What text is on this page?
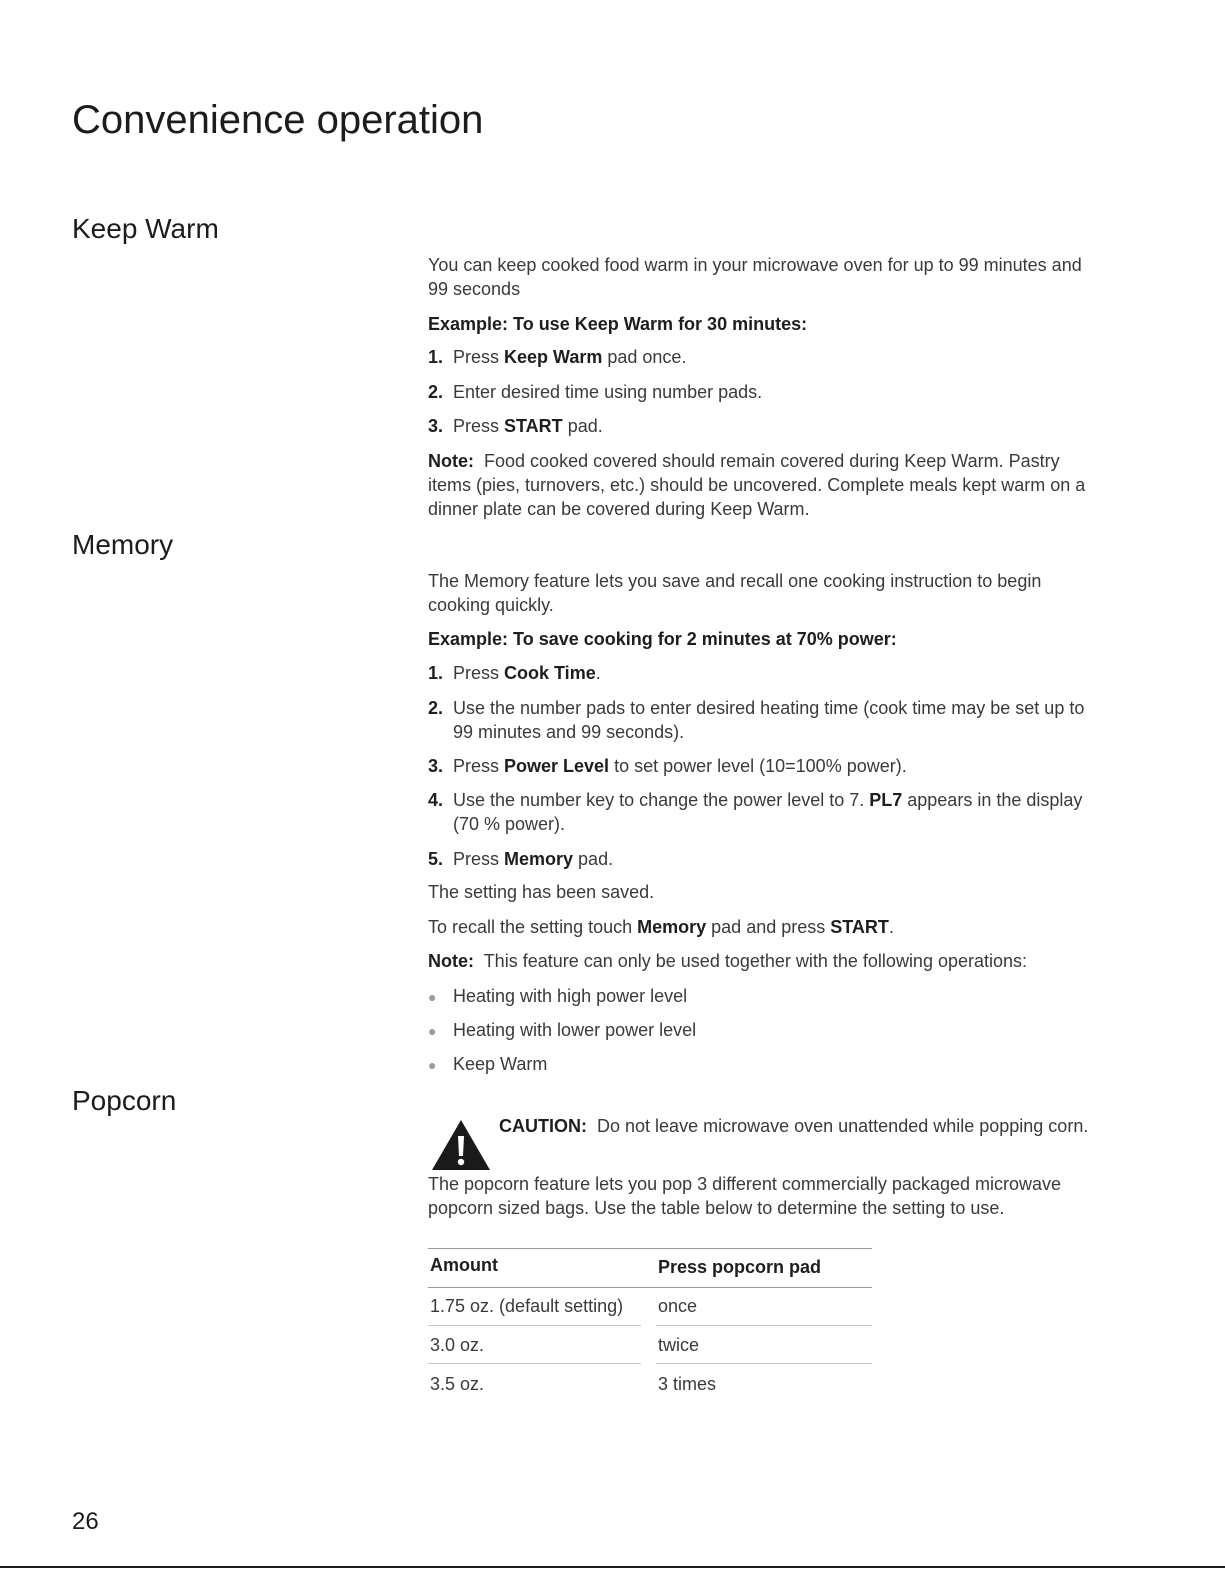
Convenience operation
Keep Warm
You can keep cooked food warm in your microwave oven for up to 99 minutes and
99 seconds
Example: To use Keep Warm for 30 minutes:
1. Press Keep Warm pad once.
2. Enter desired time using number pads.
3. Press START pad.
Note: Food cooked covered should remain covered during Keep Warm. Pastry
items (pies, turnovers, etc.) should be uncovered. Complete meals kept warm on a
dinner plate can be covered during Keep Warm.
Memory
The Memory feature lets you save and recall one cooking instruction to begin
cooking quickly.
Example: To save cooking for 2 minutes at 70% power:
1. Press Cook Time.
2. Use the number pads to enter desired heating time (cook time may be set up to
99 minutes and 99 seconds).
3. Press Power Level to set power level (10=100% power).
4. Use the number key to change the power level to 7. PL7 appears in the display
(70 % power).
5. Press Memory pad.
The setting has been saved.
To recall the setting touch Memory pad and press START.
Note: This feature can only be used together with the following operations:
● Heating with high power level
● Heating with lower power level
● Keep Warm
Popcorn
CAUTION: Do not leave microwave oven unattended while popping corn.
The popcorn feature lets you pop 3 different commercially packaged microwave
popcorn sized bags. Use the table below to determine the setting to use.
Amount	Press popcorn pad
1.75 oz. (default setting) once
3.0 oz.	twice
3.5 oz.	3 times
26
